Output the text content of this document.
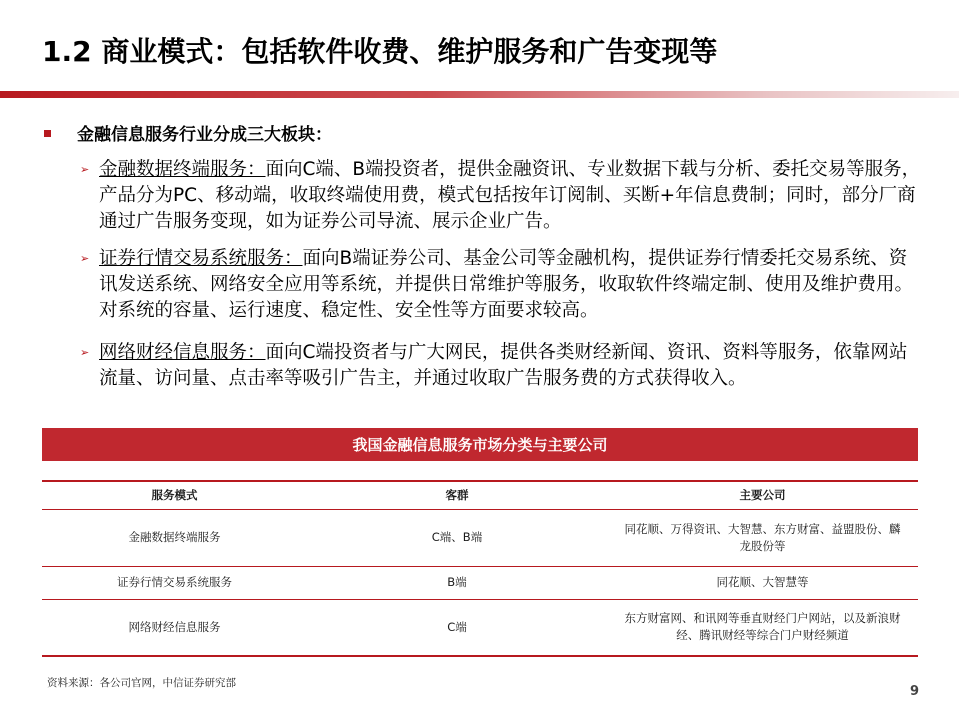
1.2 商业模式：包括软件收费、维护服务和广告变现等
金融信息服务行业分成三大板块：
➢ 金融数据终端服务：面向C端、B端投资者，提供金融资讯、专业数据下载与分析、委托交易等服务，产品分为PC、移动端，收取终端使用费，模式包括按年订阅制、买断+年信息费制；同时，部分厂商通过广告服务变现，如为证券公司导流、展示企业广告。

➢ 证券行情交易系统服务：面向B端证券公司、基金公司等金融机构，提供证券行情委托交易系统、资讯发送系统、网络安全应用等系统，并提供日常维护等服务，收取软件终端定制、使用及维护费用。对系统的容量、运行速度、稳定性、安全性等方面要求较高。

➢ 网络财经信息服务：面向C端投资者与广大网民，提供各类财经新闻、资讯、资料等服务，依靠网站流量、访问量、点击率等吸引广告主，并通过收取广告服务费的方式获得收入。

我国金融信息服务市场分类与主要公司
服务模式	客群	主要公司
金融数据终端服务	C端、B端	同花顺、万得资讯、大智慧、东方财富、益盟股份、麟龙股份等
证券行情交易系统服务	B端	同花顺、大智慧等
网络财经信息服务	C端	东方财富网、和讯网等垂直财经门户网站，以及新浪财经、腾讯财经等综合门户财经频道
资料来源：各公司官网，中信证券研究部
9
